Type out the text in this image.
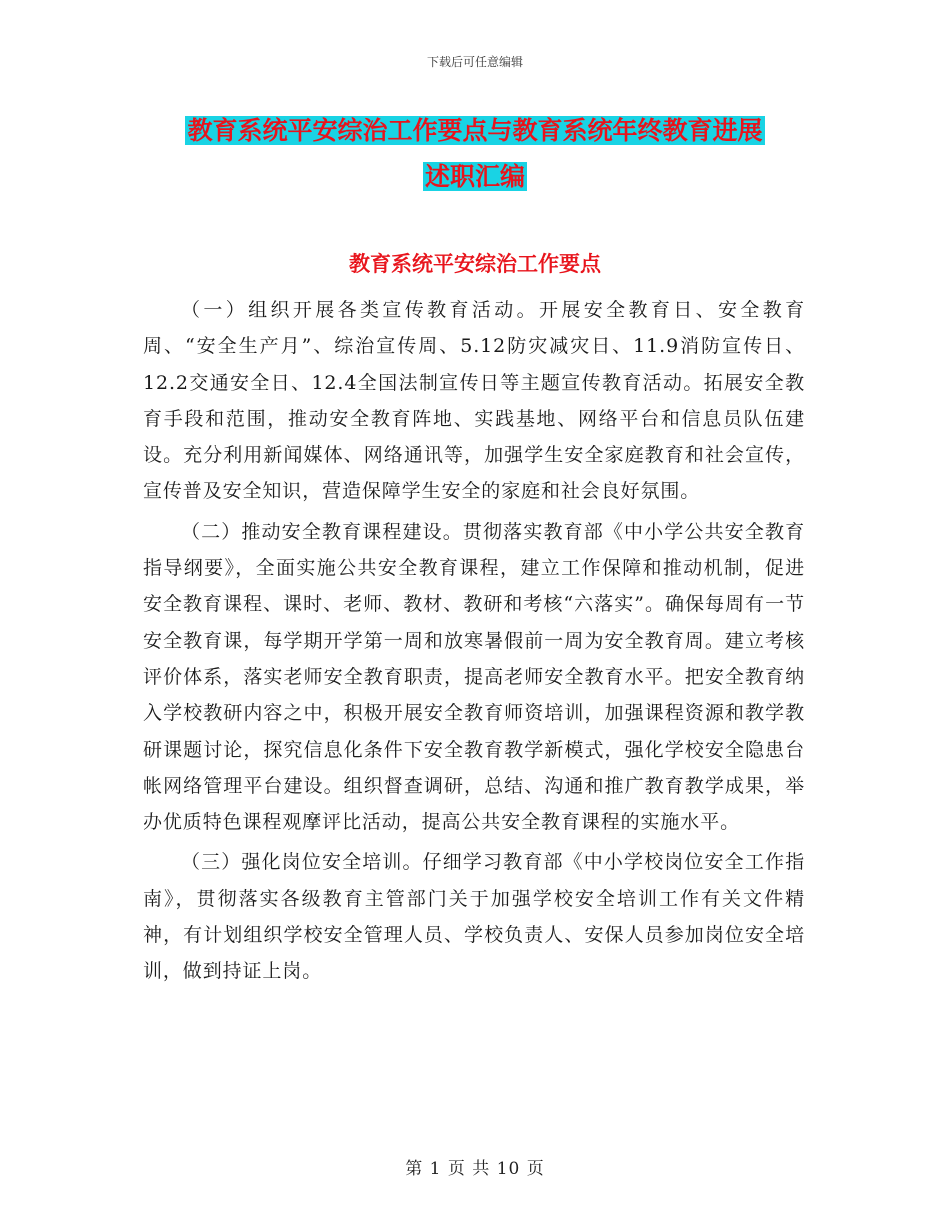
下载后可任意编辑
教育系统平安综治工作要点与教育系统年终教育进展
述职汇编
教育系统平安综治工作要点

（一）组织开展各类宣传教育活动。开展安全教育日、安全教育周、“安全生产月”、综治宣传周、5.12防灾减灾日、11.9消防宣传日、12.2交通安全日、12.4全国法制宣传日等主题宣传教育活动。拓展安全教育手段和范围，推动安全教育阵地、实践基地、网络平台和信息员队伍建设。充分利用新闻媒体、网络通讯等，加强学生安全家庭教育和社会宣传，宣传普及安全知识，营造保障学生安全的家庭和社会良好氛围。

（二）推动安全教育课程建设。贯彻落实教育部《中小学公共安全教育指导纲要》，全面实施公共安全教育课程，建立工作保障和推动机制，促进安全教育课程、课时、老师、教材、教研和考核“六落实”。确保每周有一节安全教育课，每学期开学第一周和放寒暑假前一周为安全教育周。建立考核评价体系，落实老师安全教育职责，提高老师安全教育水平。把安全教育纳入学校教研内容之中，积极开展安全教育师资培训，加强课程资源和教学教研课题讨论，探究信息化条件下安全教育教学新模式，强化学校安全隐患台帐网络管理平台建设。组织督查调研，总结、沟通和推广教育教学成果，举办优质特色课程观摩评比活动，提高公共安全教育课程的实施水平。

（三）强化岗位安全培训。仔细学习教育部《中小学校岗位安全工作指南》，贯彻落实各级教育主管部门关于加强学校安全培训工作有关文件精神，有计划组织学校安全管理人员、学校负责人、安保人员参加岗位安全培训，做到持证上岗。

第 1 页 共 10 页
